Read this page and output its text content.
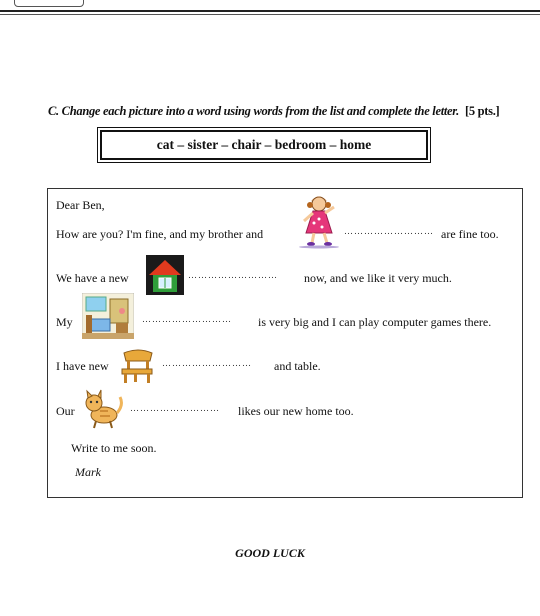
C. Change each picture into a word using words from the list and complete the letter. [5 pts.]
cat – sister – chair – bedroom – home
Dear Ben,
How are you? I'm fine, and my brother and	……………………… are fine too.
We have a new	……………………… now, and we like it very much.
My	……………………… is very big and I can play computer games there.
I have new	……………………… and table.
Our	……………………… likes our new home too.
Write to me soon.
Mark
GOOD LUCK
